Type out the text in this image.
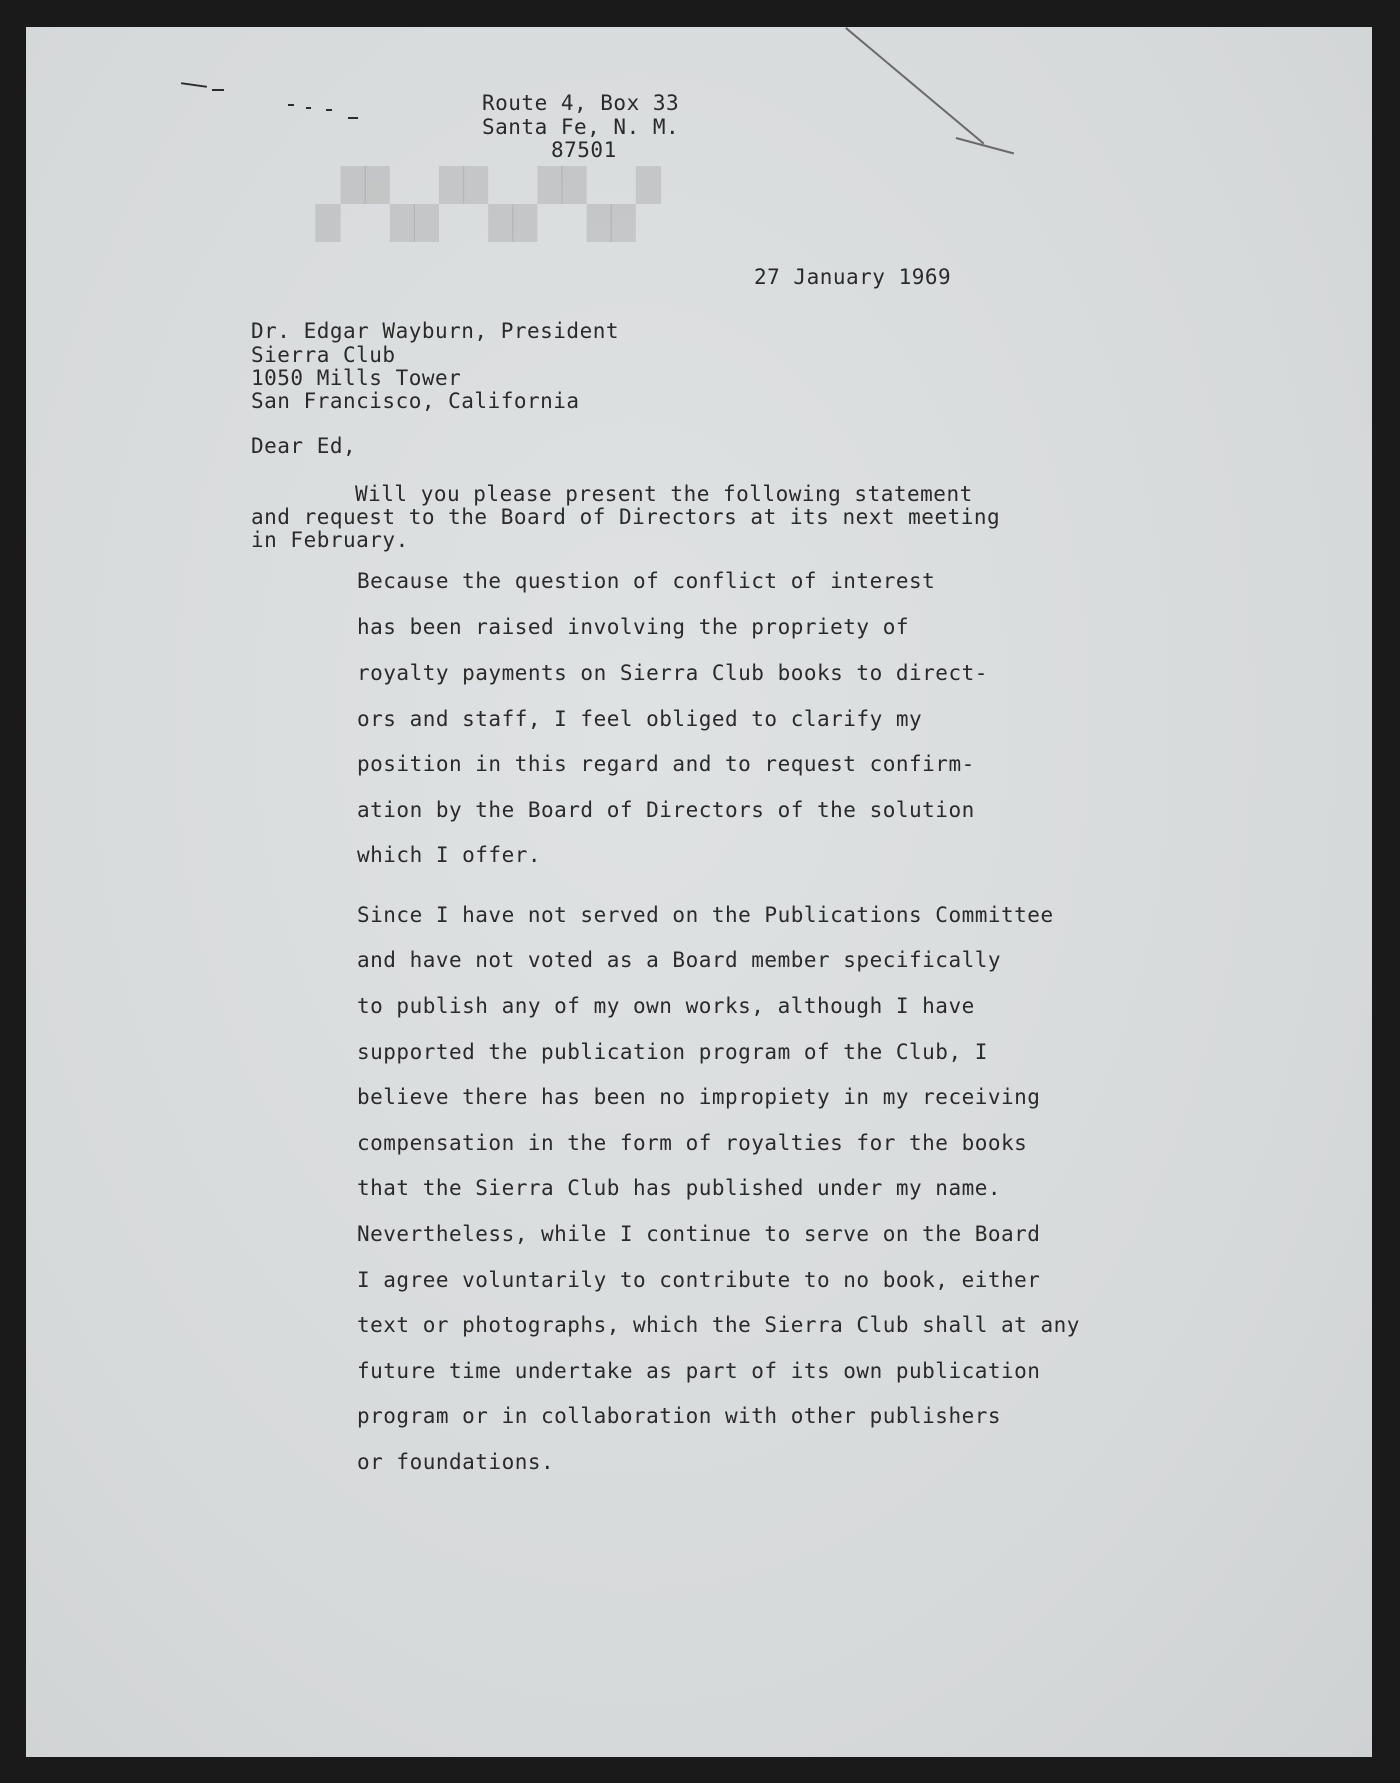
▚▞▚▞▚▞▚
Route 4, Box 33
Santa Fe, N. M.
87501
27 January 1969
Dr. Edgar Wayburn, President
Sierra Club
1050 Mills Tower
San Francisco, California
Dear Ed,
Will you please present the following statement
and request to the Board of Directors at its next meeting
in February.
Because the question of conflict of interest
has been raised involving the propriety of
royalty payments on Sierra Club books to direct-
ors and staff, I feel obliged to clarify my
position in this regard and to request confirm-
ation by the Board of Directors of the solution
which I offer.
Since I have not served on the Publications Committee
and have not voted as a Board member specifically
to publish any of my own works, although I have
supported the publication program of the Club, I
believe there has been no impropiety in my receiving
compensation in the form of royalties for the books
that the Sierra Club has published under my name.
Nevertheless, while I continue to serve on the Board
I agree voluntarily to contribute to no book, either
text or photographs, which the Sierra Club shall at any
future time undertake as part of its own publication
program or in collaboration with other publishers
or foundations.
